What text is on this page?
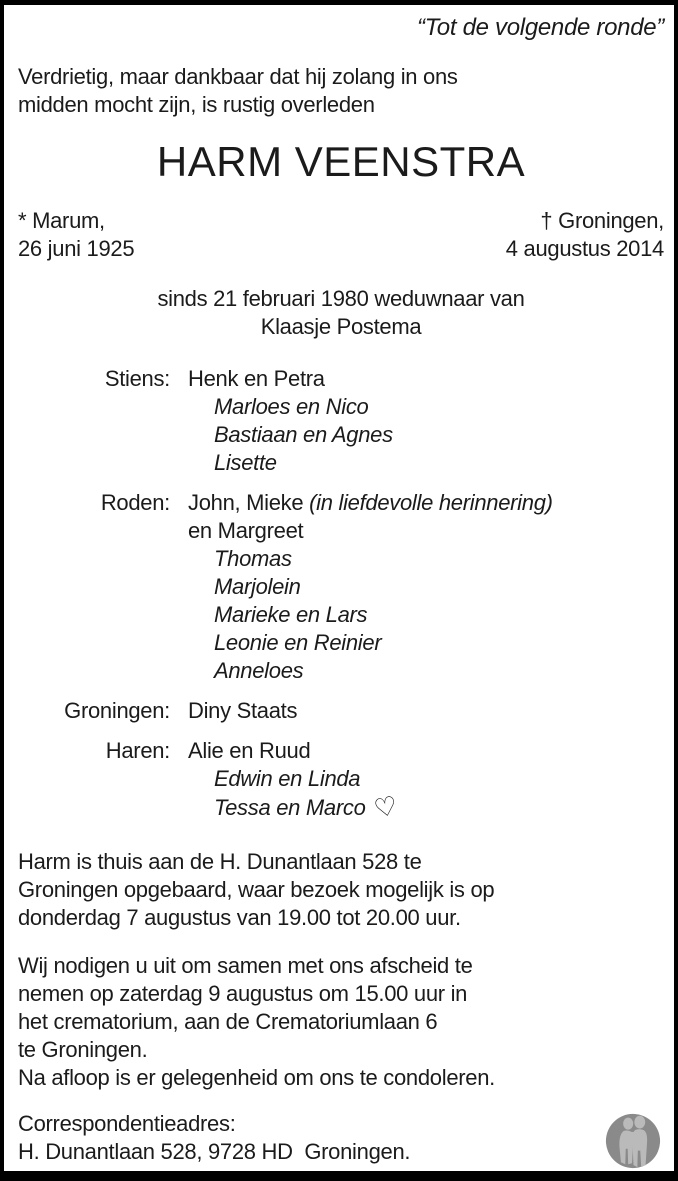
“Tot de volgende ronde”
Verdrietig, maar dankbaar dat hij zolang in ons
midden mocht zijn, is rustig overleden
HARM VEENSTRA
* Marum,
26 juni 1925
† Groningen,
4 augustus 2014
sinds 21 februari 1980 weduwnaar van
Klaasje Postema
Stiens: Henk en Petra
Marloes en Nico
Bastiaan en Agnes
Lisette
Roden: John, Mieke (in liefdevolle herinnering)
en Margreet
Thomas
Marjolein
Marieke en Lars
Leonie en Reinier
Anneloes
Groningen: Diny Staats
Haren: Alie en Ruud
Edwin en Linda
Tessa en Marco ♡
Harm is thuis aan de H. Dunantlaan 528 te
Groningen opgebaard, waar bezoek mogelijk is op
donderdag 7 augustus van 19.00 tot 20.00 uur.
Wij nodigen u uit om samen met ons afscheid te
nemen op zaterdag 9 augustus om 15.00 uur in
het crematorium, aan de Crematoriumlaan 6
te Groningen.
Na afloop is er gelegenheid om ons te condoleren.
Correspondentieadres:
H. Dunantlaan 528, 9728 HD  Groningen.
